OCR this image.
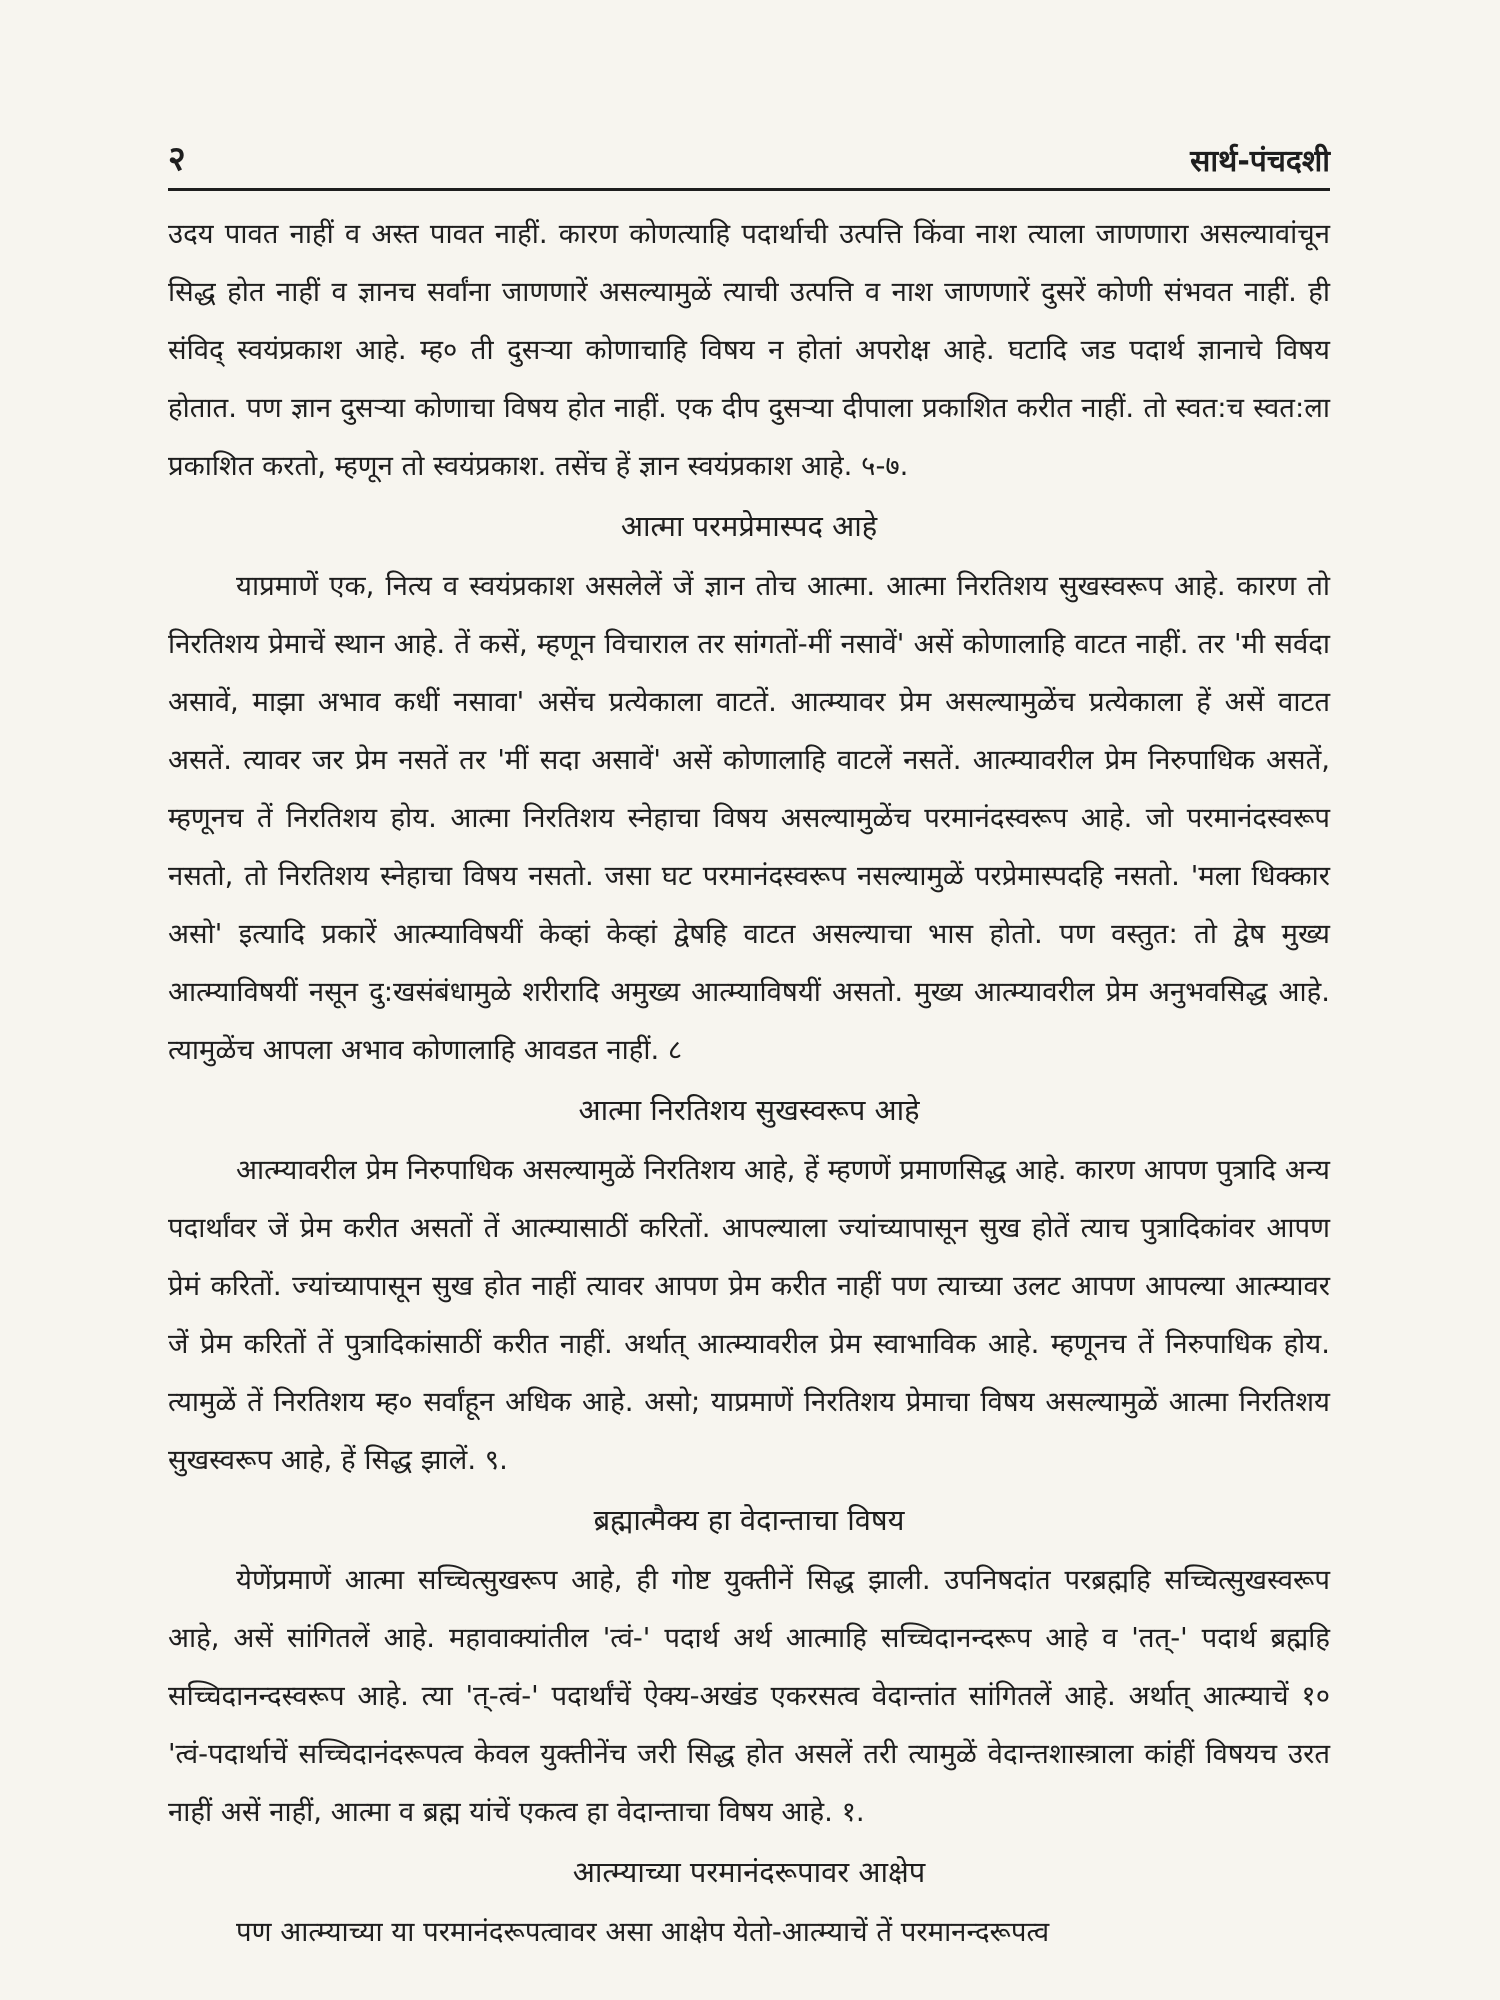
२	सार्थ-पंचदशी

उदय पावत नाहीं व अस्त पावत नाहीं. कारण कोणत्याहि पदार्थाची उत्पत्ति किंवा नाश त्याला जाणणारा असल्यावांचून सिद्ध होत नाहीं व ज्ञानच सर्वांना जाणणारें असल्यामुळें त्याची उत्पत्ति व नाश जाणणारें दुसरें कोणी संभवत नाहीं. ही संविद् स्वयंप्रकाश आहे. म्ह० ती दुसऱ्या कोणाचाहि विषय न होतां अपरोक्ष आहे. घटादि जड पदार्थ ज्ञानाचे विषय होतात. पण ज्ञान दुसऱ्या कोणाचा विषय होत नाहीं. एक दीप दुसऱ्या दीपाला प्रकाशित करीत नाहीं. तो स्वत:च स्वत:ला प्रकाशित करतो, म्हणून तो स्वयंप्रकाश. तसेंच हें ज्ञान स्वयंप्रकाश आहे. ५-७.

आत्मा परमप्रेमास्पद आहे

याप्रमाणें एक, नित्य व स्वयंप्रकाश असलेलें जें ज्ञान तोच आत्मा. आत्मा निरतिशय सुखस्वरूप आहे. कारण तो निरतिशय प्रेमाचें स्थान आहे. तें कसें, म्हणून विचाराल तर सांगतों-मीं नसावें' असें कोणालाहि वाटत नाहीं. तर 'मी सर्वदा असावें, माझा अभाव कधीं नसावा' असेंच प्रत्येकाला वाटतें. आत्म्यावर प्रेम असल्यामुळेंच प्रत्येकाला हें असें वाटत असतें. त्यावर जर प्रेम नसतें तर 'मीं सदा असावें' असें कोणालाहि वाटलें नसतें. आत्म्यावरील प्रेम निरुपाधिक असतें, म्हणूनच तें निरतिशय होय. आत्मा निरतिशय स्नेहाचा विषय असल्यामुळेंच परमानंदस्वरूप आहे. जो परमानंदस्वरूप नसतो, तो निरतिशय स्नेहाचा विषय नसतो. जसा घट परमानंदस्वरूप नसल्यामुळें परप्रेमास्पदहि नसतो. 'मला धिक्कार असो' इत्यादि प्रकारें आत्म्याविषयीं केव्हां केव्हां द्वेषहि वाटत असल्याचा भास होतो. पण वस्तुत: तो द्वेष मुख्य आत्म्याविषयीं नसून दु:खसंबंधामुळे शरीरादि अमुख्य आत्म्याविषयीं असतो. मुख्य आत्म्यावरील प्रेम अनुभवसिद्ध आहे. त्यामुळेंच आपला अभाव कोणालाहि आवडत नाहीं. ८

आत्मा निरतिशय सुखस्वरूप आहे

आत्म्यावरील प्रेम निरुपाधिक असल्यामुळें निरतिशय आहे, हें म्हणणें प्रमाणसिद्ध आहे. कारण आपण पुत्रादि अन्य पदार्थांवर जें प्रेम करीत असतों तें आत्म्यासाठीं करितों. आपल्याला ज्यांच्यापासून सुख होतें त्याच पुत्रादिकांवर आपण प्रेमं करितों. ज्यांच्यापासून सुख होत नाहीं त्यावर आपण प्रेम करीत नाहीं पण त्याच्या उलट आपण आपल्या आत्म्यावर जें प्रेम करितों तें पुत्रादिकांसाठीं करीत नाहीं. अर्थात् आत्म्यावरील प्रेम स्वाभाविक आहे. म्हणूनच तें निरुपाधिक होय. त्यामुळें तें निरतिशय म्ह० सर्वांहून अधिक आहे. असो; याप्रमाणें निरतिशय प्रेमाचा विषय असल्यामुळें आत्मा निरतिशय सुखस्वरूप आहे, हें सिद्ध झालें. ९.

ब्रह्मात्मैक्य हा वेदान्ताचा विषय

येणेंप्रमाणें आत्मा सच्चित्सुखरूप आहे, ही गोष्ट युक्तीनें सिद्ध झाली. उपनिषदांत परब्रह्महि सच्चित्सुखस्वरूप आहे, असें सांगितलें आहे. महावाक्यांतील 'त्वं-' पदार्थ अर्थ आत्माहि सच्चिदानन्दरूप आहे व 'तत्-' पदार्थ ब्रह्महि सच्चिदानन्दस्वरूप आहे. त्या 'त्-त्वं-' पदार्थांचें ऐक्य-अखंड एकरसत्व वेदान्तांत सांगितलें आहे. अर्थात् आत्म्याचें १० 'त्वं-पदार्थाचें सच्चिदानंदरूपत्व केवल युक्तीनेंच जरी सिद्ध होत असलें तरी त्यामुळें वेदान्तशास्त्राला कांहीं विषयच उरत नाहीं असें नाहीं, आत्मा व ब्रह्म यांचें एकत्व हा वेदान्ताचा विषय आहे. १.

आत्म्याच्या परमानंदरूपावर आक्षेप

पण आत्म्याच्या या परमानंदरूपत्वावर असा आक्षेप येतो-आत्म्याचें तें परमानन्दरूपत्व
